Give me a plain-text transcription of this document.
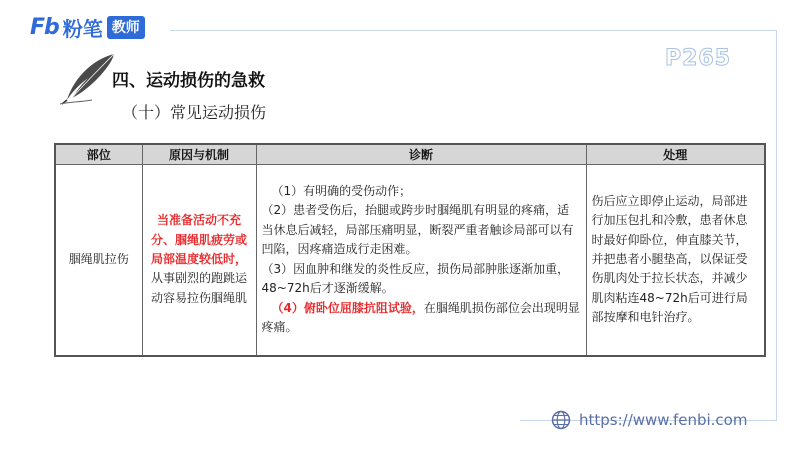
Fb 粉笔 教师
P265
四、运动损伤的急救
（十）常见运动损伤
部位	原因与机制	诊断	处理
腘绳肌拉伤	当准备活动不充分、腘绳肌疲劳或局部温度较低时，从事剧烈的跑跳运动容易拉伤腘绳肌	（1）有明确的受伤动作；
（2）患者受伤后，抬腿或跨步时腘绳肌有明显的疼痛，适当休息后减轻，局部压痛明显，断裂严重者触诊局部可以有凹陷，因疼痛造成行走困难。
（3）因血肿和继发的炎性反应，损伤局部肿胀逐渐加重，48~72h后才逐渐缓解。
（4）俯卧位屈膝抗阻试验，在腘绳肌损伤部位会出现明显疼痛。	伤后应立即停止运动，局部进行加压包扎和冷敷，患者休息时最好仰卧位，伸直膝关节，并把患者小腿垫高，以保证受伤肌肉处于拉长状态，并减少肌肉粘连48~72h后可进行局部按摩和电针治疗。
https://www.fenbi.com
